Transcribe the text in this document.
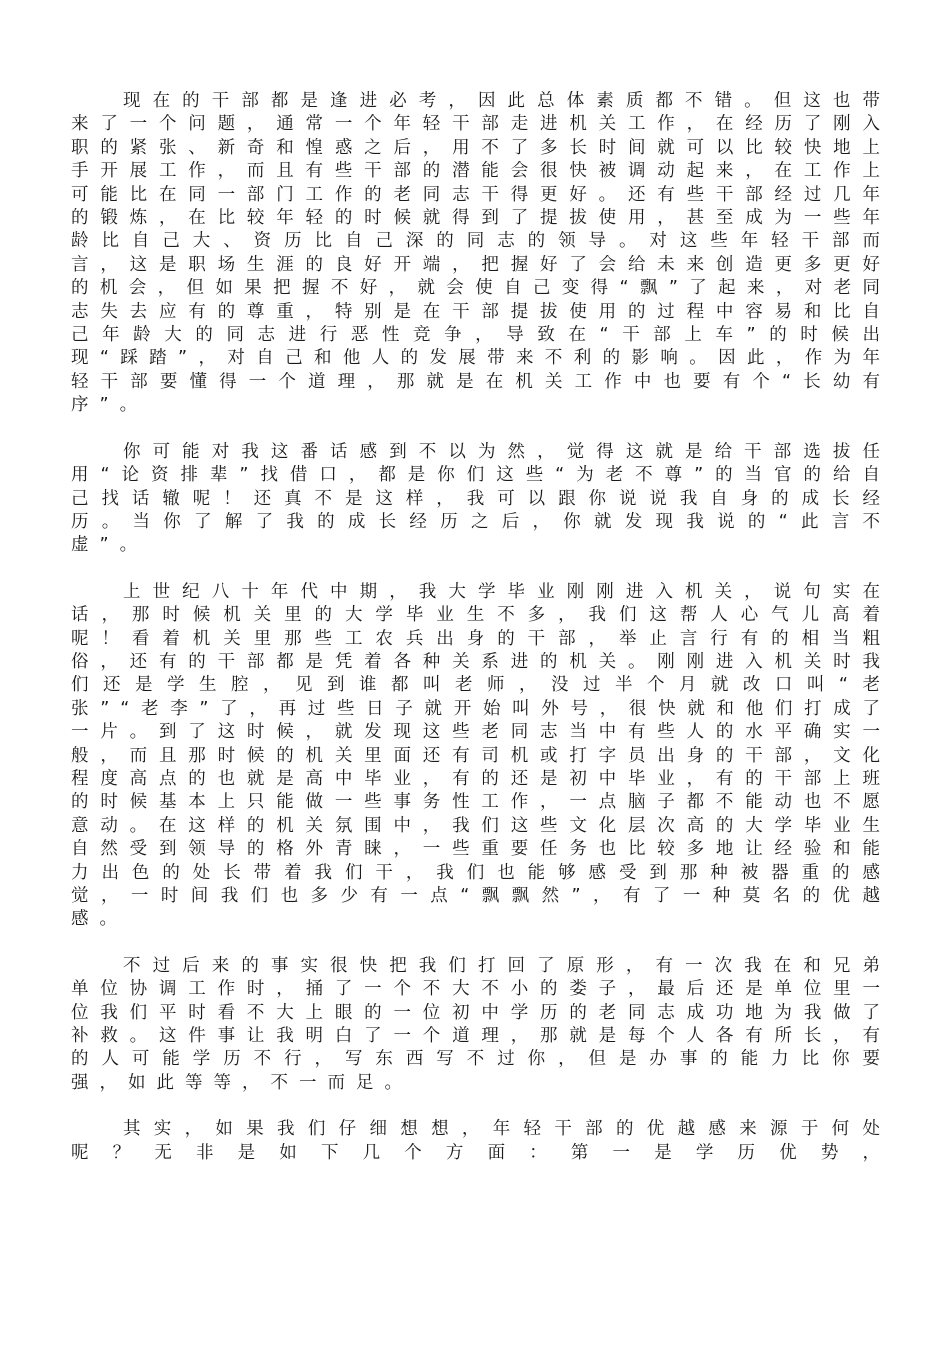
现在的干部都是逢进必考，因此总体素质都不错。但这也带来了一个问题，通常一个年轻干部走进机关工作，在经历了刚入职的紧张、新奇和惶惑之后，用不了多长时间就可以比较快地上手开展工作，而且有些干部的潜能会很快被调动起来，在工作上可能比在同一部门工作的老同志干得更好。还有些干部经过几年的锻炼，在比较年轻的时候就得到了提拔使用，甚至成为一些年龄比自己大、资历比自己深的同志的领导。对这些年轻干部而言，这是职场生涯的良好开端，把握好了会给未来创造更多更好的机会，但如果把握不好，就会使自己变得“飘”了起来，对老同志失去应有的尊重，特别是在干部提拔使用的过程中容易和比自己年龄大的同志进行恶性竞争，导致在“干部上车”的时候出现“踩踏”，对自己和他人的发展带来不利的影响。因此，作为年轻干部要懂得一个道理，那就是在机关工作中也要有个“长幼有序”。

你可能对我这番话感到不以为然，觉得这就是给干部选拔任用“论资排辈”找借口，都是你们这些“为老不尊”的当官的给自己找话辙呢！还真不是这样，我可以跟你说说我自身的成长经历。当你了解了我的成长经历之后，你就发现我说的“此言不虚”。

上世纪八十年代中期，我大学毕业刚刚进入机关，说句实在话，那时候机关里的大学毕业生不多，我们这帮人心气儿高着呢！看着机关里那些工农兵出身的干部，举止言行有的相当粗俗，还有的干部都是凭着各种关系进的机关。刚刚进入机关时我们还是学生腔，见到谁都叫老师，没过半个月就改口叫“老张”“老李”了，再过些日子就开始叫外号，很快就和他们打成了一片。到了这时候，就发现这些老同志当中有些人的水平确实一般，而且那时候的机关里面还有司机或打字员出身的干部，文化程度高点的也就是高中毕业，有的还是初中毕业，有的干部上班的时候基本上只能做一些事务性工作，一点脑子都不能动也不愿意动。在这样的机关氛围中，我们这些文化层次高的大学毕业生自然受到领导的格外青睐，一些重要任务也比较多地让经验和能力出色的处长带着我们干，我们也能够感受到那种被器重的感觉，一时间我们也多少有一点“飘飘然”，有了一种莫名的优越感。

不过后来的事实很快把我们打回了原形，有一次我在和兄弟单位协调工作时，捅了一个不大不小的娄子，最后还是单位里一位我们平时看不大上眼的一位初中学历的老同志成功地为我做了补救。这件事让我明白了一个道理，那就是每个人各有所长，有的人可能学历不行，写东西写不过你，但是办事的能力比你要强，如此等等，不一而足。

其实，如果我们仔细想想，年轻干部的优越感来源于何处呢？无非是如下几个方面：第一是学历优势，
